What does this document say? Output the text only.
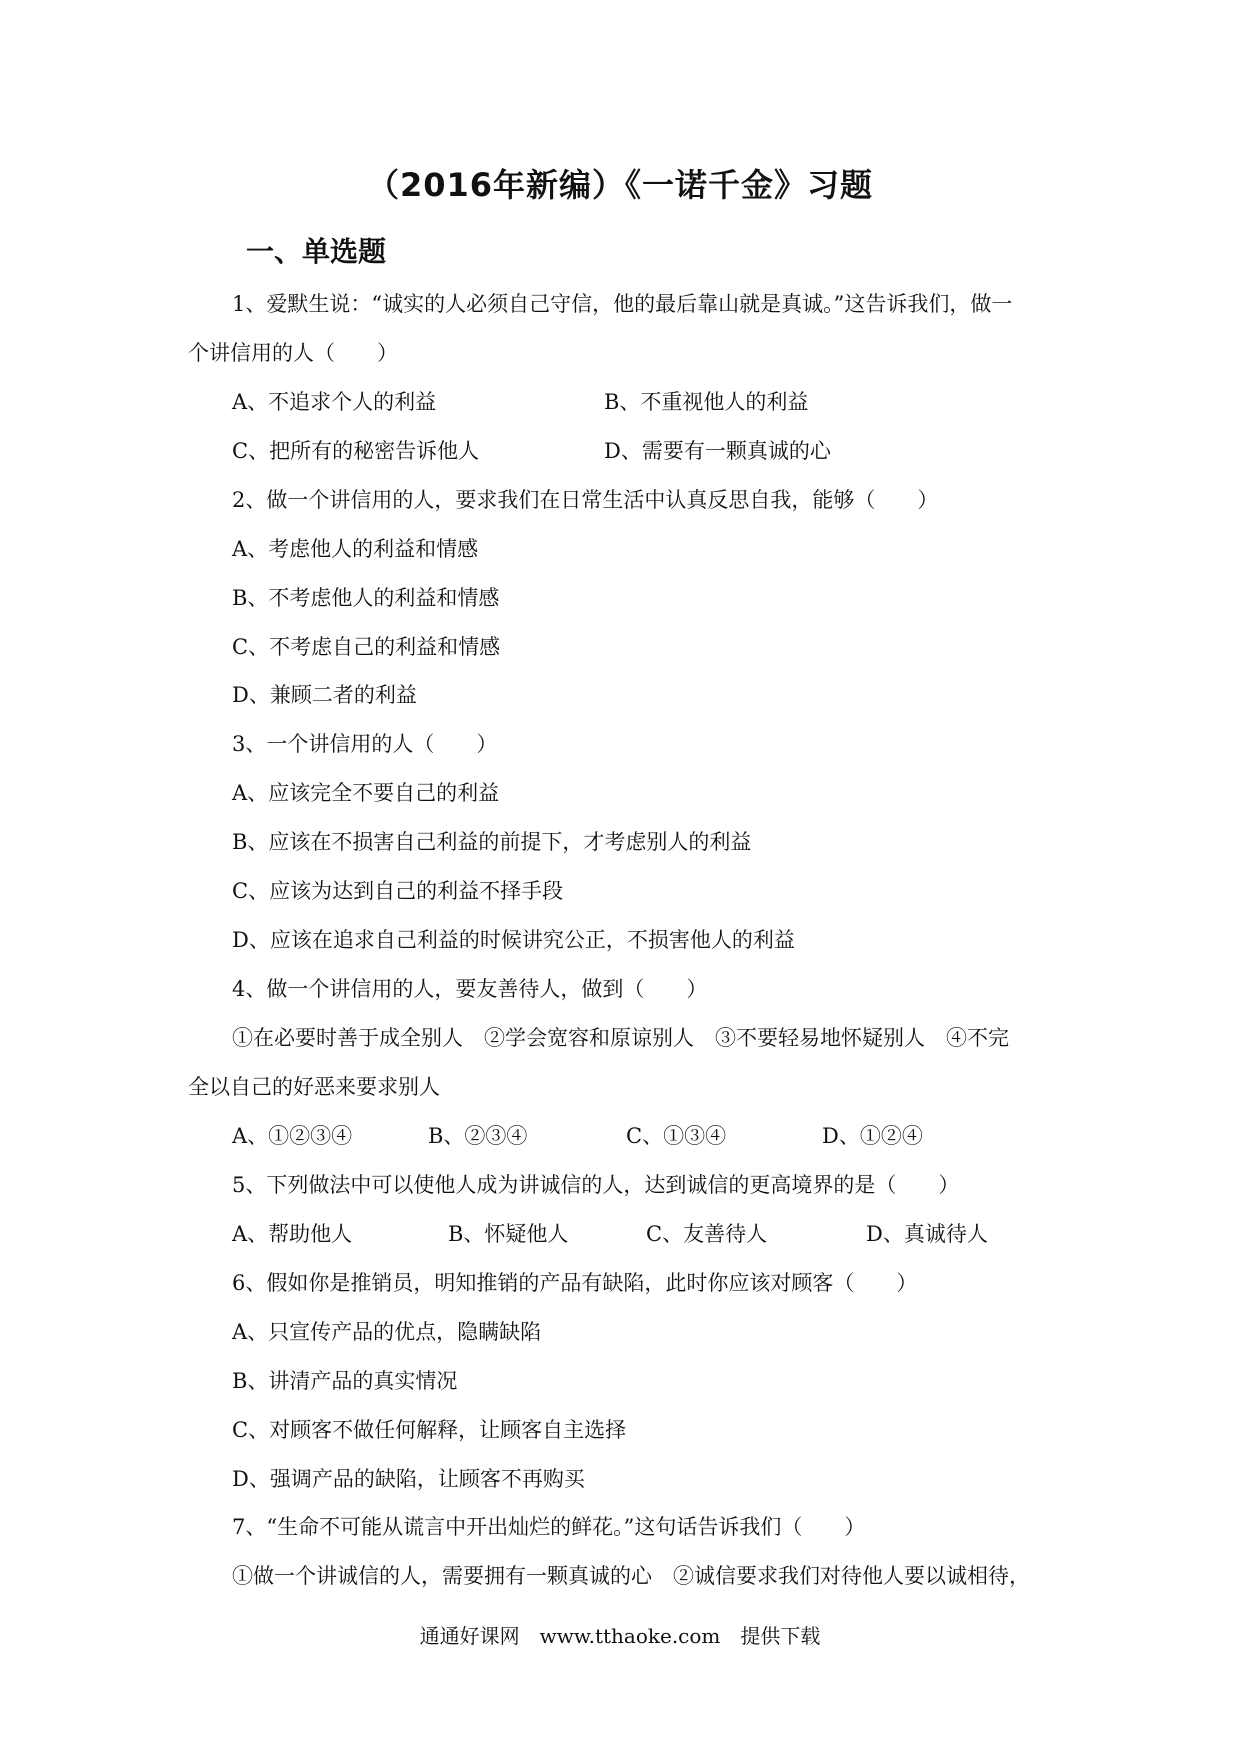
（2016年新编）《一诺千金》习题
一、单选题
1、爱默生说：“诚实的人必须自己守信，他的最后靠山就是真诚。”这告诉我们，做一
个讲信用的人（　　）
A、不追求个人的利益	B、不重视他人的利益
C、把所有的秘密告诉他人	D、需要有一颗真诚的心
2、做一个讲信用的人，要求我们在日常生活中认真反思自我，能够（　　）
A、考虑他人的利益和情感
B、不考虑他人的利益和情感
C、不考虑自己的利益和情感
D、兼顾二者的利益
3、一个讲信用的人（　　）
A、应该完全不要自己的利益
B、应该在不损害自己利益的前提下，才考虑别人的利益
C、应该为达到自己的利益不择手段
D、应该在追求自己利益的时候讲究公正，不损害他人的利益
4、做一个讲信用的人，要友善待人，做到（　　）
①在必要时善于成全别人　②学会宽容和原谅别人　③不要轻易地怀疑别人　④不完
全以自己的好恶来要求别人
A、①②③④	B、②③④	C、①③④	D、①②④
5、下列做法中可以使他人成为讲诚信的人，达到诚信的更高境界的是（　　）
A、帮助他人	B、怀疑他人	C、友善待人	D、真诚待人
6、假如你是推销员，明知推销的产品有缺陷，此时你应该对顾客（　　）
A、只宣传产品的优点，隐瞒缺陷
B、讲清产品的真实情况
C、对顾客不做任何解释，让顾客自主选择
D、强调产品的缺陷，让顾客不再购买
7、“生命不可能从谎言中开出灿烂的鲜花。”这句话告诉我们（　　）
①做一个讲诚信的人，需要拥有一颗真诚的心　②诚信要求我们对待他人要以诚相待，
通通好课网　www.tthaoke.com　提供下载
